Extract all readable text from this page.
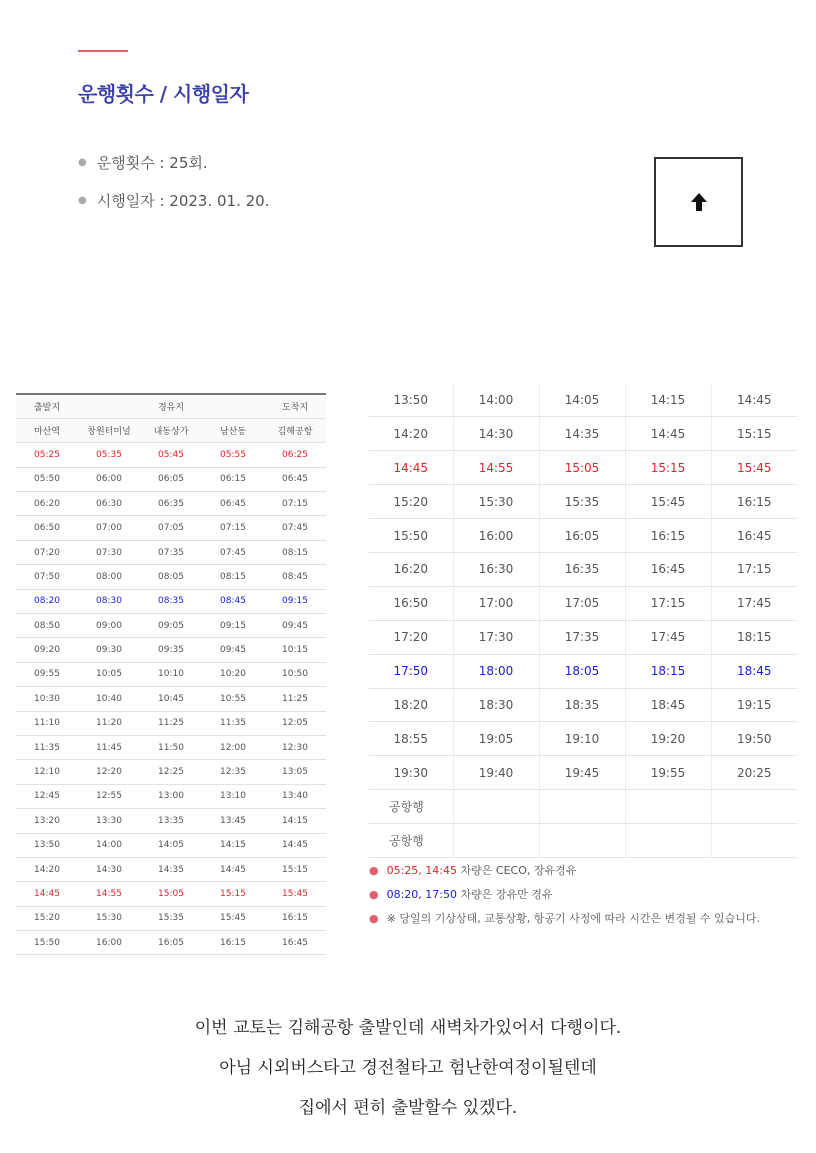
운행횟수 / 시행일자
● 운행횟수 : 25회.
● 시행일자 : 2023. 01. 20.
출발지	경유지			도착지
마산역	창원터미널	내동상가	남산동	김해공항
05:25	05:35	05:45	05:55	06:25
05:50	06:00	06:05	06:15	06:45
06:20	06:30	06:35	06:45	07:15
06:50	07:00	07:05	07:15	07:45
07:20	07:30	07:35	07:45	08:15
07:50	08:00	08:05	08:15	08:45
08:20	08:30	08:35	08:45	09:15
08:50	09:00	09:05	09:15	09:45
09:20	09:30	09:35	09:45	10:15
09:55	10:05	10:10	10:20	10:50
10:30	10:40	10:45	10:55	11:25
11:10	11:20	11:25	11:35	12:05
11:35	11:45	11:50	12:00	12:30
12:10	12:20	12:25	12:35	13:05
12:45	12:55	13:00	13:10	13:40
13:20	13:30	13:35	13:45	14:15
13:50	14:00	14:05	14:15	14:45
14:20	14:30	14:35	14:45	15:15
14:45	14:55	15:05	15:15	15:45
15:20	15:30	15:35	15:45	16:15
15:50	16:00	16:05	16:15	16:45
13:50	14:00	14:05	14:15	14:45
14:20	14:30	14:35	14:45	15:15
14:45	14:55	15:05	15:15	15:45
15:20	15:30	15:35	15:45	16:15
15:50	16:00	16:05	16:15	16:45
16:20	16:30	16:35	16:45	17:15
16:50	17:00	17:05	17:15	17:45
17:20	17:30	17:35	17:45	18:15
17:50	18:00	18:05	18:15	18:45
18:20	18:30	18:35	18:45	19:15
18:55	19:05	19:10	19:20	19:50
19:30	19:40	19:45	19:55	20:25
공항행				
공항행				
● 05:25, 14:45 차량은 CECO, 장유경유
● 08:20, 17:50 차량은 장유만 경유
● ※ 당일의 기상상태, 교통상황, 항공기 사정에 따라 시간은 변경될 수 있습니다.

이번 교토는 김해공항 출발인데 새벽차가있어서 다행이다.

아님 시외버스타고 경전철타고 험난한여정이될텐데

집에서 편히 출발할수 있겠다.
